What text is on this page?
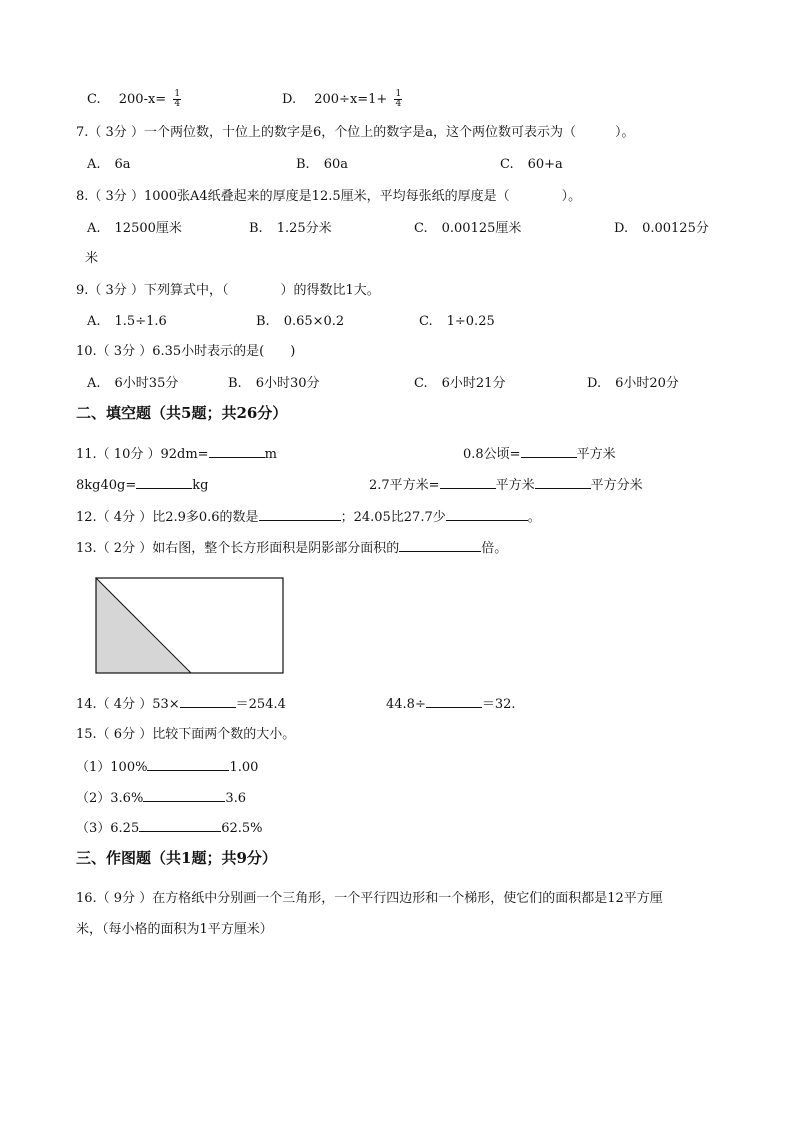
C. $200-x= \frac{1}{4}$	D. $200\div x=1+ \frac{1}{4}$
7.（ 3分 ）一个两位数，十位上的数字是6，个位上的数字是a，这个两位数可表示为（　　　）。
A. 6a	B. 60a	C. 60+a
8.（ 3分 ）1000张A4纸叠起来的厚度是12.5厘米，平均每张纸的厚度是（　　　　）。
A. 12500厘米	B. 1.25分米	C. 0.00125厘米	D. 0.00125分
米
9.（ 3分 ）下列算式中，（　　　　）的得数比1大。
A. 1.5÷1.6	B. 0.65×0.2	C. 1÷0.25
10.（ 3分 ）6.35小时表示的是(　　)
A. 6小时35分	B. 6小时30分	C. 6小时21分	D. 6小时20分
二、填空题（共5题；共26分）
11.（ 10分 ）92dm=	m	0.8公顷=	平方米
8kg40g=	kg	2.7平方米=	平方米	平方分米
12.（ 4分 ）比2.9多0.6的数是	；24.05比27.7少	。
13.（ 2分 ）如右图，整个长方形面积是阴影部分面积的	倍。
14.（ 4分 ）53×	＝254.4	44.8÷	＝32.
15.（ 6分 ）比较下面两个数的大小。
（1）100%	1.00
（2）3.6%	3.6
（3）6.25	62.5%
三、作图题（共1题；共9分）
16.（ 9分 ）在方格纸中分别画一个三角形，一个平行四边形和一个梯形，使它们的面积都是12平方厘
米，（每小格的面积为1平方厘米）
